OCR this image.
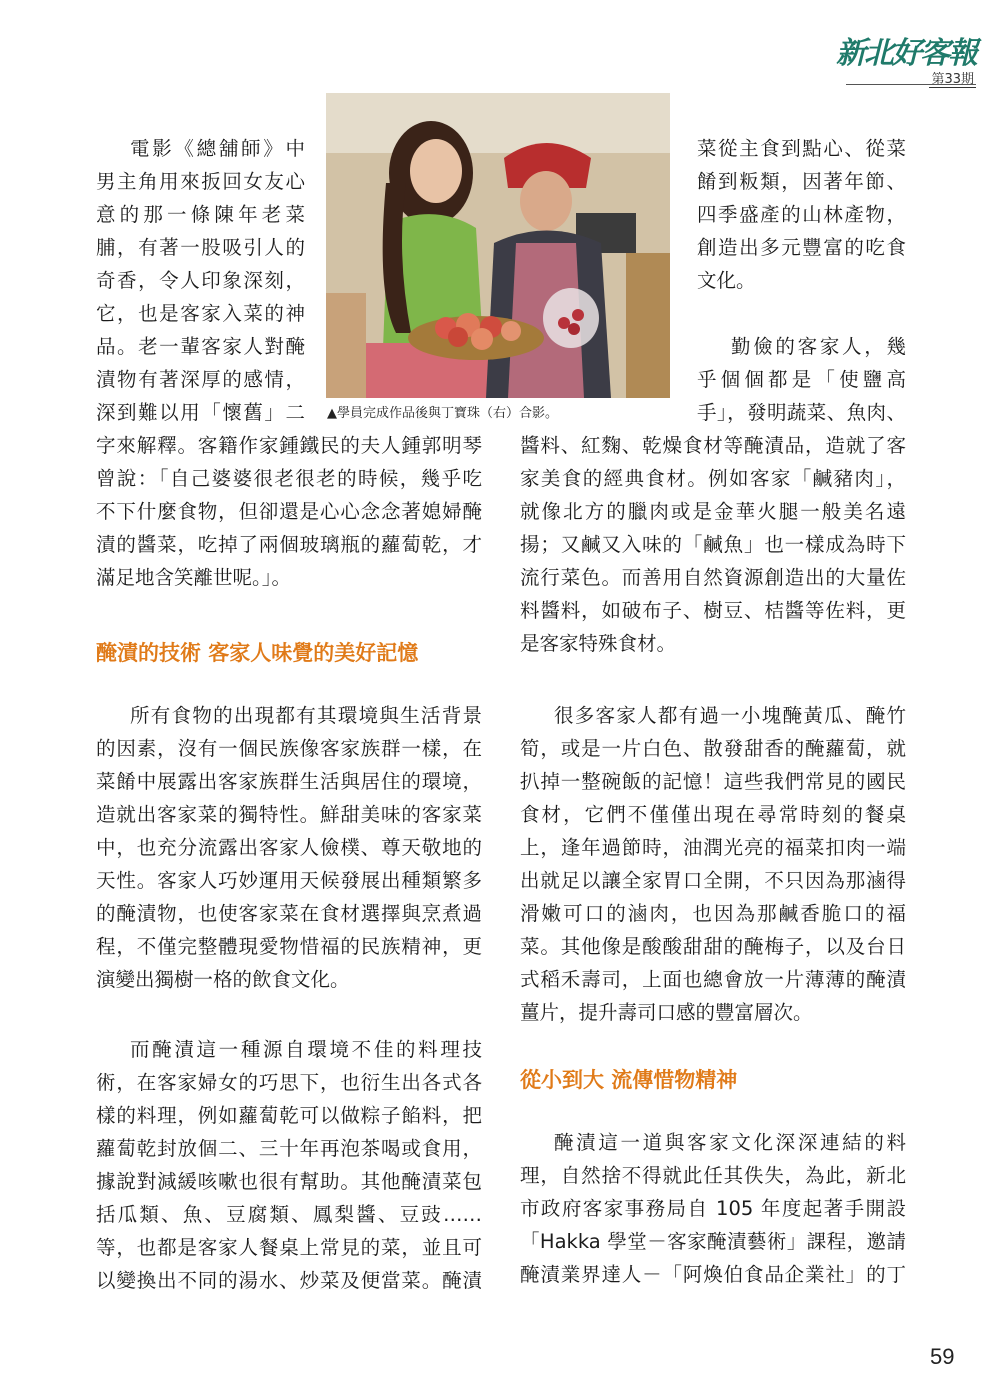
新北好客報
第33期
▲學員完成作品後與丁寶珠（右）合影。
電影《總舖師》中
男主角用來扳回女友心
意的那一條陳年老菜
脯，有著一股吸引人的
奇香，令人印象深刻，
它，也是客家入菜的神
品。老一輩客家人對醃
漬物有著深厚的感情，
深到難以用「懷舊」二
字來解釋。客籍作家鍾鐵民的夫人鍾郭明琴
曾說：「自己婆婆很老很老的時候，幾乎吃
不下什麼食物，但卻還是心心念念著媳婦醃
漬的醬菜，吃掉了兩個玻璃瓶的蘿蔔乾，才
滿足地含笑離世呢。」。
醃漬的技術 客家人味覺的美好記憶
所有食物的出現都有其環境與生活背景
的因素，沒有一個民族像客家族群一樣，在
菜餚中展露出客家族群生活與居住的環境，
造就出客家菜的獨特性。鮮甜美味的客家菜
中，也充分流露出客家人儉樸、尊天敬地的
天性。客家人巧妙運用天候發展出種類繁多
的醃漬物，也使客家菜在食材選擇與烹煮過
程，不僅完整體現愛物惜福的民族精神，更
演變出獨樹一格的飲食文化。
而醃漬這一種源自環境不佳的料理技
術，在客家婦女的巧思下，也衍生出各式各
樣的料理，例如蘿蔔乾可以做粽子餡料，把
蘿蔔乾封放個二、三十年再泡茶喝或食用，
據說對減緩咳嗽也很有幫助。其他醃漬菜包
括瓜類、魚、豆腐類、鳳梨醬、豆豉……
等，也都是客家人餐桌上常見的菜，並且可
以變換出不同的湯水、炒菜及便當菜。醃漬
菜從主食到點心、從菜
餚到粄類，因著年節、
四季盛產的山林產物，
創造出多元豐富的吃食
文化。
勤儉的客家人，幾
乎個個都是「使鹽高
手」，發明蔬菜、魚肉、
醬料、紅麴、乾燥食材等醃漬品，造就了客
家美食的經典食材。例如客家「鹹豬肉」，
就像北方的臘肉或是金華火腿一般美名遠
揚；又鹹又入味的「鹹魚」也一樣成為時下
流行菜色。而善用自然資源創造出的大量佐
料醬料，如破布子、樹豆、桔醬等佐料，更
是客家特殊食材。
很多客家人都有過一小塊醃黃瓜、醃竹
筍，或是一片白色、散發甜香的醃蘿蔔，就
扒掉一整碗飯的記憶！這些我們常見的國民
食材，它們不僅僅出現在尋常時刻的餐桌
上，逢年過節時，油潤光亮的福菜扣肉一端
出就足以讓全家胃口全開，不只因為那滷得
滑嫩可口的滷肉，也因為那鹹香脆口的福
菜。其他像是酸酸甜甜的醃梅子，以及台日
式稻禾壽司，上面也總會放一片薄薄的醃漬
薑片，提升壽司口感的豐富層次。
從小到大 流傳惜物精神
醃漬這一道與客家文化深深連結的料
理，自然捨不得就此任其佚失，為此，新北
市政府客家事務局自 105 年度起著手開設
「Hakka 學堂－客家醃漬藝術」課程，邀請
醃漬業界達人－「阿煥伯食品企業社」的丁
59
